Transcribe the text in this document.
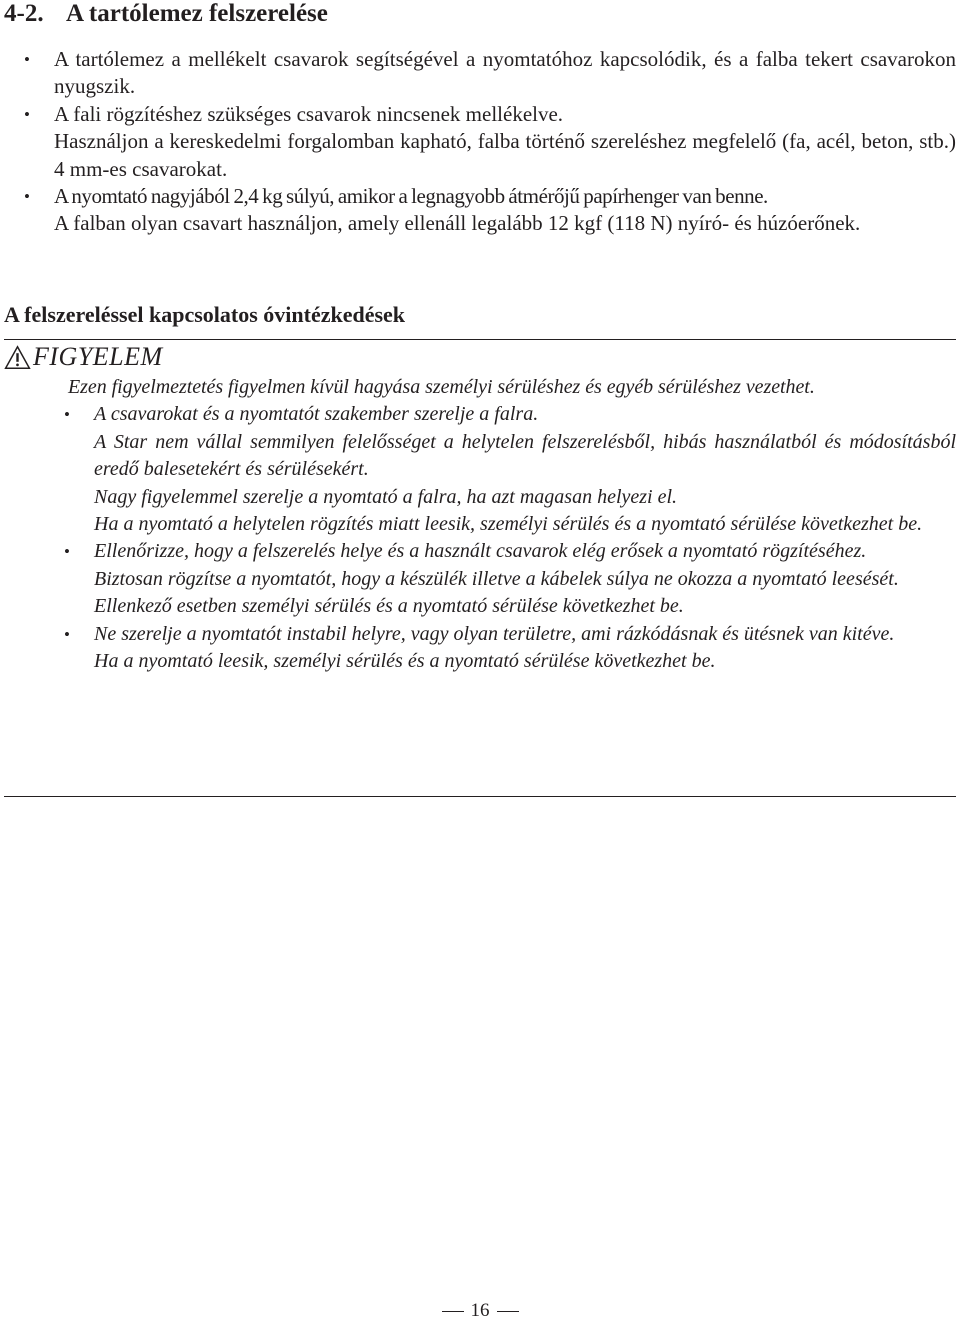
4-2. A tartólemez felszerelése
• A tartólemez a mellékelt csavarok segítségével a nyomtatóhoz kapcsolódik, és a falba tekert csavarokon nyugszik.
• A fali rögzítéshez szükséges csavarok nincsenek mellékelve.
Használjon a kereskedelmi forgalomban kapható, falba történő szereléshez megfelelő (fa, acél, beton, stb.) 4 mm-es csavarokat.
• A nyomtató nagyjából 2,4 kg súlyú, amikor a legnagyobb átmérőjű papírhenger van benne.
A falban olyan csavart használjon, amely ellenáll legalább 12 kgf (118 N) nyíró- és húzóerőnek.
A felszereléssel kapcsolatos óvintézkedések
FIGYELEM

Ezen figyelmeztetés figyelmen kívül hagyása személyi sérüléshez és egyéb sérüléshez vezethet.

• A csavarokat és a nyomtatót szakember szerelje a falra.

A Star nem vállal semmilyen felelősséget a helytelen felszerelésből, hibás használatból és módosításból eredő balesetekért és sérülésekért.

Nagy figyelemmel szerelje a nyomtató a falra, ha azt magasan helyezi el.

Ha a nyomtató a helytelen rögzítés miatt leesik, személyi sérülés és a nyomtató sérülése következhet be.

• Ellenőrizze, hogy a felszerelés helye és a használt csavarok elég erősek a nyomtató rögzítéséhez.

Biztosan rögzítse a nyomtatót, hogy a készülék illetve a kábelek súlya ne okozza a nyomtató leesését.

Ellenkező esetben személyi sérülés és a nyomtató sérülése következhet be.

• Ne szerelje a nyomtatót instabil helyre, vagy olyan területre, ami rázkódásnak és ütésnek van kitéve.

Ha a nyomtató leesik, személyi sérülés és a nyomtató sérülése következhet be.

16
